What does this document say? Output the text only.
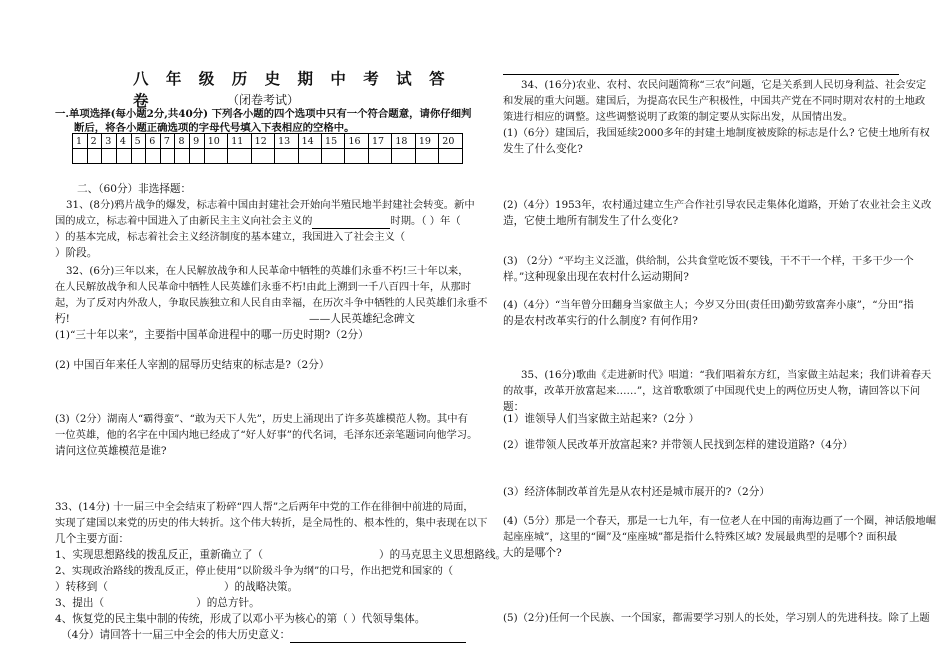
八 年 级 历 史 期 中 考 试 答 卷	（闭卷考试）
一.单项选择(每小题2分,共40分) 下列各小题的四个选项中只有一个符合题意，请你仔细判
断后，将各小题正确选项的字母代号填入下表相应的空格中。
1	2	3	4	5	6	7	8	9	10	11	12	13	14	15	16	17	18	19	20

二、（60分）非选择题：
31、(8分)鸦片战争的爆发，标志着中国由封建社会开始向半殖民地半封建社会转变。新中
国的成立，标志着中国进入了由新民主主义向社会主义的	时期。（ ）年（
）的基本完成，标志着社会主义经济制度的基本建立，我国进入了社会主义（
）阶段。
32、(6分)三年以来，在人民解放战争和人民革命中牺牲的英雄们永垂不朽!三十年以来，
在人民解放战争和人民革命中牺牲人民英雄们永垂不朽!由此上溯到一千八百四十年，从那时
起，为了反对内外敌人，争取民族独立和人民自由幸福，在历次斗争中牺牲的人民英雄们永垂不
朽!	——人民英雄纪念碑文
(1)“三十年以来”，主要指中国革命进程中的哪一历史时期?（2分）
(2) 中国百年来任人宰割的屈辱历史结束的标志是?（2分）
(3)（2分）湖南人“霸得蛮”、“敢为天下人先”，历史上涌现出了许多英雄模范人物。其中有
一位英雄，他的名字在中国内地已经成了“好人好事”的代名词，毛泽东还亲笔题词向他学习。
请问这位英雄模范是谁?
33、(14分) 十一届三中全会结束了粉碎“四人帮”之后两年中党的工作在徘徊中前进的局面，
实现了建国以来党的历史的伟大转折。这个伟大转折，是全局性的、根本性的，集中表现在以下
几个主要方面：
1、实现思想路线的拨乱反正，重新确立了（	）的马克思主义思想路线。
2、实现政治路线的拨乱反正，停止使用“以阶级斗争为纲”的口号，作出把党和国家的（
）转移到（	）的战略决策。
3、提出（	）的总方针。
4、恢复党的民主集中制的传统，形成了以邓小平为核心的第（ ）代领导集体。
（4分）请回答十一届三中全会的伟大历史意义：
34、(16分)农业、农村、农民问题简称“三农”问题，它是关系到人民切身利益、社会安定
和发展的重大问题。建国后，为提高农民生产积极性，中国共产党在不同时期对农村的土地政
策进行相应的调整。这些调整说明了政策的制定要从实际出发，从国情出发。
(1)（6分）建国后，我国延续2000多年的封建土地制度被废除的标志是什么? 它使土地所有权
发生了什么变化?
(2)（4分）1953年，农村通过建立生产合作社引导农民走集体化道路，开始了农业社会主义改
造，它使土地所有制发生了什么变化?
(3) （2分）“平均主义泛滥，供给制，公共食堂吃饭不要钱，干不干一个样，干多干少一个
样。”这种现象出现在农村什么运动期间?
(4)（4分）“当年曾分田翻身当家做主人；今岁又分田(责任田)勤劳致富奔小康”，“分田”指
的是农村改革实行的什么制度? 有何作用?
35、(16分)歌曲《走进新时代》唱道：“我们唱着东方红，当家做主站起来；我们讲着春天
的故事，改革开放富起来……”，这首歌歌颂了中国现代史上的两位历史人物，请回答以下问
题：
(1）谁领导人们当家做主站起来?（2分 ）
(2）谁带领人民改革开放富起来? 并带领人民找到怎样的建设道路?（4分）
(3）经济体制改革首先是从农村还是城市展开的?（2分）
(4)（5分）那是一个春天，那是一七九年，有一位老人在中国的南海边画了一个圈，神话般地崛
起座座城”，这里的“圈”及“座座城”都是指什么特殊区域? 发展最典型的是哪个? 面积最
大的是哪个?
(5)（2分)任何一个民族、一个国家，都需要学习别人的长处，学习别人的先进科技。除了上题
